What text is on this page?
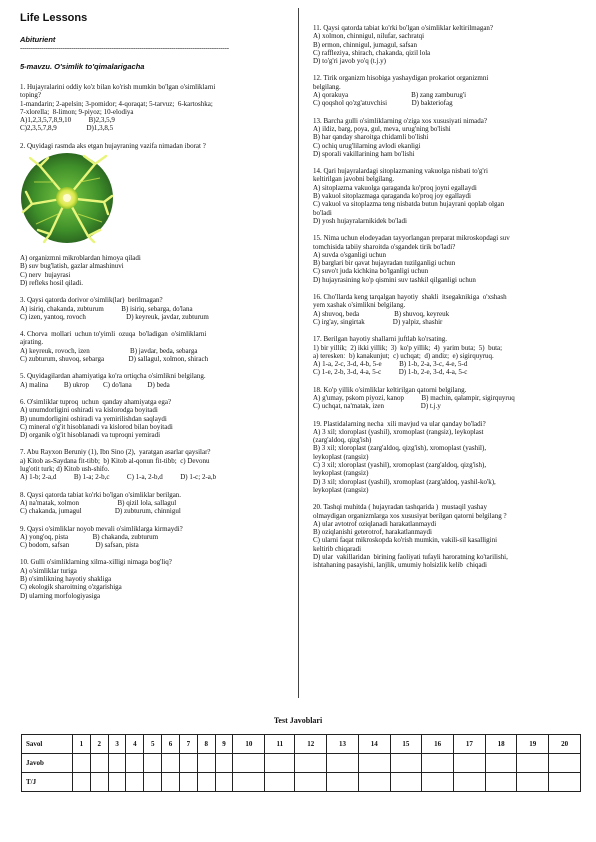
Life Lessons
Abiturient
--------------------------------------------------------------------------------------------------
5-mavzu. O'simlik to'qimalarigacha
1. Hujayralarini oddiy ko'z bilan ko'rish mumkin bo'lgan o'simliklarni
toping?
1-mandarin; 2-apelsin; 3-pomidor; 4-qoraqat; 5-tarvuz;  6-kartoshka;
7-xlorella;  8-limon; 9-piyoz; 10-elodiya
A)1,2,3,5,7,8,9,10          B)2,3,5,9
C)2,3,5,7,8,9                 D)1,3,8,5
2. Quyidagi rasmda aks etgan hujayraning vazifa nimadan iborat ?
A) organizmni mikroblardan himoya qiladi
B) suv bug'latish, gazlar almashinuvi
C) nerv  hujayrasi
D) refleks hosil qiladi.
3. Qaysi qatorda dorivor o'simlik(lar)  berilmagan?
A) isiriq, chakanda, zubturum          B) isiriq, sebarga, do'lana
C) izen, yantoq, rovoch                       D) keyreuk, javdar, zubturum
4. Chorva  mollari  uchun to'yimli  ozuqa  bo'ladigan  o'simliklarni
ajrating.
A) keyreuk, rovoch, izen                       B) javdar, beda, sebarga
C) zubturum, shuvoq, sebarga              D) sallagul, xolmon, shirach
5. Quyidagilardan ahamiyatiga ko'ra ortiqcha o'simlikni belgilang.
A) malina         B) ukrop        C) do'lana         D) beda
6. O'simliklar tuproq  uchun  qanday ahamiyatga ega?
A) unumdorligini oshiradi va kislorodga boyitadi
B) unumdorligini oshiradi va yemirilishdan saqlaydi
C) mineral o'g'it hisoblanadi va kislorod bilan boyitadi
D) organik o'g'it hisoblanadi va tuproqni yemiradi
7. Abu Rayxon Beruniy (1), Ibn Sino (2),  yaratgan asarlar qaysilar?
a) Kitob as-Saydana fit-tibb;  b) Kitob al-qonun fit-tibb;  c) Devonu
lug'otit turk; d) Kitob ush-shifo.
A) 1-b; 2-a,d          B) 1-a; 2-b,c          C) 1-a, 2-b,d          D) 1-c; 2-a,b
8. Qaysi qatorda tabiat ko'rki bo'lgan o'simliklar berilgan.
A) na'matak, xolmon                      B) qizil lola, sallagul
C) chakanda, jumagul                   D) zubturum, chinnigul
9. Qaysi o'simliklar noyob mevali o'simliklarga kirmaydi?
A) yong'oq, pista              B) chakanda, zubturum
C) bodom, safsan               D) safsan, pista
10. Gulli o'simliklarning xilma-xilligi nimaga bog'liq?
A) o'simliklar turiga
B) o'simlikning hayotiy shakliga
C) ekologik sharoitning o'zgarishiga
D) ularning morfologiyasiga
11. Qaysi qatorda tabiat ko'rki bo'lgan o'simliklar keltirilmagan?
A) xolmon, chinnigul, nilufar, sachratqi
B) ermon, chinnigul, jumagul, safsan
C) raffleziya, shirach, chakanda, qizil lola
D) to'g'ri javob yo'q (t.j.y)
12. Tirik organizm hisobiga yashaydigan prokariot organizmni
belgilang.
A) qorakuya                                    B) zang zamburug'i
C) qoqshol qo'zg'atuvchisi              D) bakteriofag
13. Barcha gulli o'simliklarning o'ziga xos xususiyati nimada?
A) ildiz, barg, poya, gul, meva, urug'ning bo'lishi
B) har qanday sharoitga chidamli bo'lishi
C) ochiq urug'lilarning avlodi ekanligi
D) sporali vakillarining ham bo'lishi
14. Qari hujayralardagi sitoplazmaning vakuolga nisbati to'g'ri
keltirilgan javobni belgilang.
A) sitoplazma vakuolga qaraganda ko'proq joyni egallaydi
B) vakuol sitoplazmaga qaraganda ko'proq joy egallaydi
C) vakuol va sitoplazma teng nisbatda butun hujayrani qoplab olgan
bo'ladi
D) yosh hujayralarnikidek bo'ladi
15. Nima uchun elodeyadan tayyorlangan preparat mikroskopdagi suv
tomchisida tabiiy sharoitda o'sgandek tirik bo'ladi?
A) suvda o'sganligi uchun
B) barglari bir qavat hujayradan tuzilganligi uchun
C) suvo't juda kichkina bo'lganligi uchun
D) hujayrasining ko'p qismini suv tashkil qilganligi uchun
16. Cho'llarda keng tarqalgan hayotiy  shakli  itsegaknikiga  o'xshash
yem xashak o'simlikni belgilang.
A) shuvoq, beda                    B) shuvoq, keyreuk
C) irg'ay, singirtak                D) yalpiz, shashir
17. Berilgan hayotiy shallarni juftlab ko'rsating.
1) bir yillik;  2) ikki yillik;  3)  ko'p yillik;  4)  yarim buta;  5)  buta;
a) tereskenː  b) kanakunjut;  c) uchqat;  d) andiz;  e) sigirquyruq.
A) 1-a, 2-c, 3-d, 4-b, 5-e          B) 1-b, 2-a, 3-c, 4-e, 5-d
C) 1-e, 2-b, 3-d, 4-a, 5-c          D) 1-b, 2-e, 3-d, 4-a, 5-c
18. Ko'p yillik o'simliklar keltirilgan qatorni belgilang.
A) g'umay, pskom piyozi, kanop          B) machin, qalampir, sigirquyruq
C) uchqat, na'matak, izen                     D) t.j.y
19. Plastidalarning necha  xili mavjud va ular qanday bo'ladi?
A) 3 xil; xloroplast (yashil), xromoplast (rangsiz), leykoplast
(zarg'aldoq, qizg'ish)
B) 3 xil; xloroplast (zarg'aldoq, qizg'ish), xromoplast (yashil),
leykoplast (rangsiz)
C) 3 xil; xloroplast (yashil), xromoplast (zarg'aldoq, qizg'ish),
leykoplast (rangsiz)
D) 3 xil; xloroplast (yashil), xromoplast (zarg'aldoq, yashil-ko'k),
leykoplast (rangsiz)
20. Tashqi muhitda ( hujayradan tashqarida )  mustaqil yashay
olmaydigan organizmlarga xos xususiyat berilgan qatorni belgilang ?
A) ular avtotrof oziqlanadi harakatlanmaydi
B) oziqlanishi geterotrof, harakatlanmaydi
C) ularni faqat mikroskopda ko'rish mumkin, vakili-sil kasalligini
keltirib chiqaradi
D) ular  vakillaridan  birining faoliyati tufayli haroratning ko'tarilishi,
ishtahaning pasayishi, lanjlik, umumiy holsizlik kelib  chiqadi
Test Javoblari
Savol	1	2	3	4	5	6	7	8	9	10	11	12	13	14	15	16	17	18	19	20
Javob																				
T/J																				
